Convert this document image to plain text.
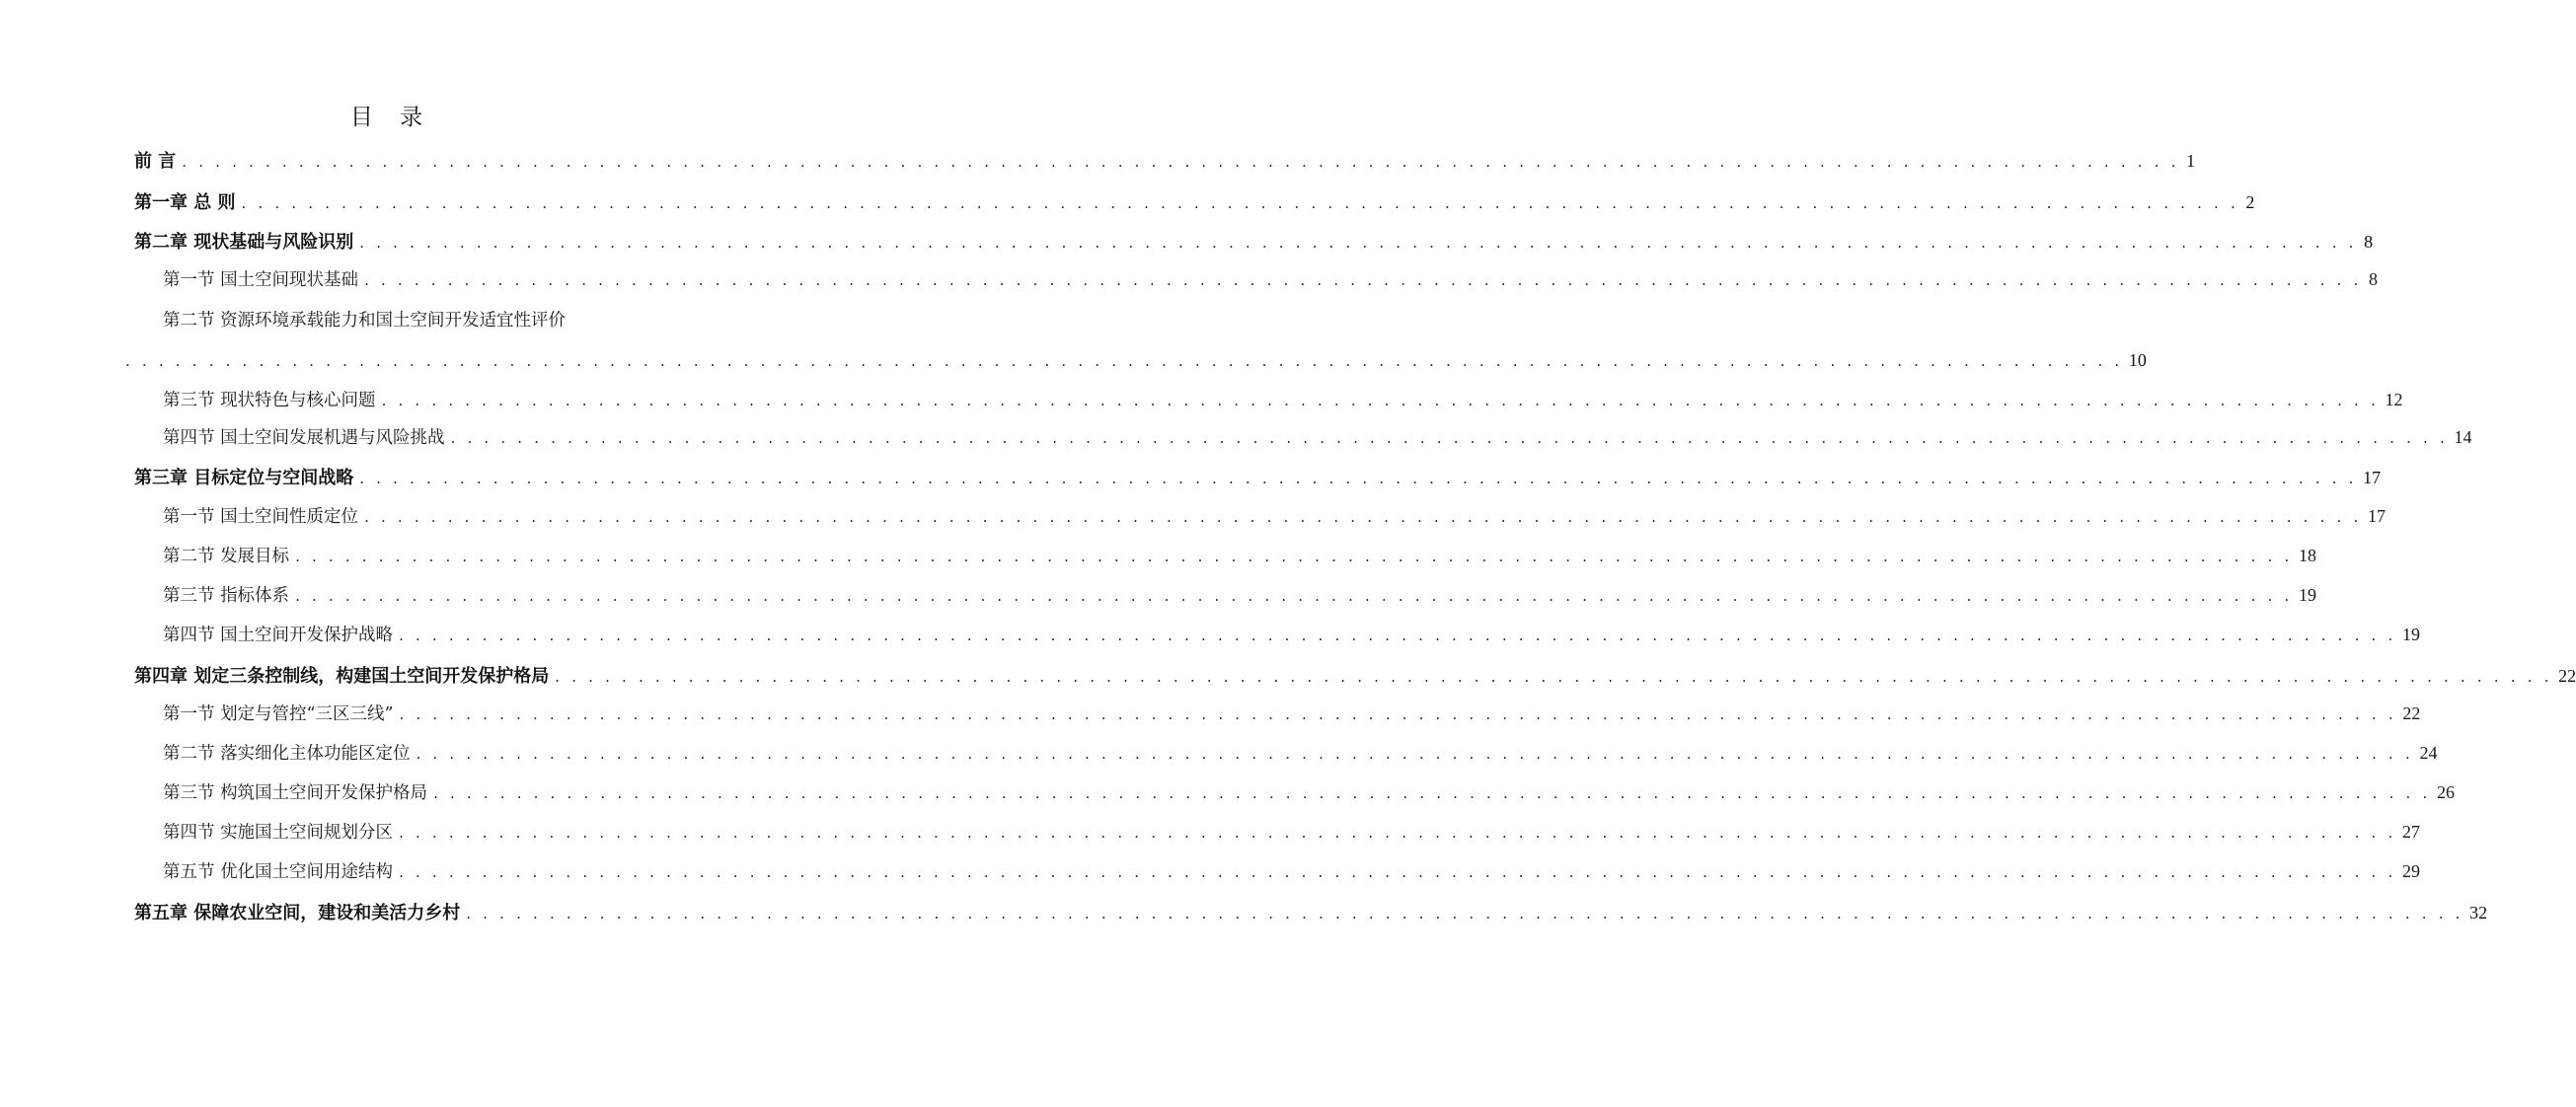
目 录
前 言 . . . . . . . . . . . . . . . . . . . . . . . . . . . . . . . . . . . . . . . . . . . . . . . . . . . . . . . . . . . . . . . . . . . . . . . . . . . . . . . . . . . . . . . . . . . . . . . . . . . . . . . . . . . . . . . . . . . . . . . . 1
第一章 总 则 . . . . . . . . . . . . . . . . . . . . . . . . . . . . . . . . . . . . . . . . . . . . . . . . . . . . . . . . . . . . . . . . . . . . . . . . . . . . . . . . . . . . . . . . . . . . . . . . . . . . . . . . . . . . . . . . . . . . . . . . 2
第二章 现状基础与风险识别 . . . . . . . . . . . . . . . . . . . . . . . . . . . . . . . . . . . . . . . . . . . . . . . . . . . . . . . . . . . . . . . . . . . . . . . . . . . . . . . . . . . . . . . . . . . . . . . . . . . . . . . . . . . . . . . . . . . . . . . . 8
第一节 国土空间现状基础 . . . . . . . . . . . . . . . . . . . . . . . . . . . . . . . . . . . . . . . . . . . . . . . . . . . . . . . . . . . . . . . . . . . . . . . . . . . . . . . . . . . . . . . . . . . . . . . . . . . . . . . . . . . . . . . . . . . . . . . . 8
第二节 资源环境承载能力和国土空间开发适宜性评价
. . . . . . . . . . . . . . . . . . . . . . . . . . . . . . . . . . . . . . . . . . . . . . . . . . . . . . . . . . . . . . . . . . . . . . . . . . . . . . . . . . . . . . . . . . . . . . . . . . . . . . . . . . . . . . . . . . . . . . . . 10
第三节 现状特色与核心问题 . . . . . . . . . . . . . . . . . . . . . . . . . . . . . . . . . . . . . . . . . . . . . . . . . . . . . . . . . . . . . . . . . . . . . . . . . . . . . . . . . . . . . . . . . . . . . . . . . . . . . . . . . . . . . . . . . . . . . . . . 12
第四节 国土空间发展机遇与风险挑战 . . . . . . . . . . . . . . . . . . . . . . . . . . . . . . . . . . . . . . . . . . . . . . . . . . . . . . . . . . . . . . . . . . . . . . . . . . . . . . . . . . . . . . . . . . . . . . . . . . . . . . . . . . . . . . . . . . . . . . . . 14
第三章 目标定位与空间战略 . . . . . . . . . . . . . . . . . . . . . . . . . . . . . . . . . . . . . . . . . . . . . . . . . . . . . . . . . . . . . . . . . . . . . . . . . . . . . . . . . . . . . . . . . . . . . . . . . . . . . . . . . . . . . . . . . . . . . . . . 17
第一节 国土空间性质定位 . . . . . . . . . . . . . . . . . . . . . . . . . . . . . . . . . . . . . . . . . . . . . . . . . . . . . . . . . . . . . . . . . . . . . . . . . . . . . . . . . . . . . . . . . . . . . . . . . . . . . . . . . . . . . . . . . . . . . . . . 17
第二节 发展目标 . . . . . . . . . . . . . . . . . . . . . . . . . . . . . . . . . . . . . . . . . . . . . . . . . . . . . . . . . . . . . . . . . . . . . . . . . . . . . . . . . . . . . . . . . . . . . . . . . . . . . . . . . . . . . . . . . . . . . . . . 18
第三节 指标体系 . . . . . . . . . . . . . . . . . . . . . . . . . . . . . . . . . . . . . . . . . . . . . . . . . . . . . . . . . . . . . . . . . . . . . . . . . . . . . . . . . . . . . . . . . . . . . . . . . . . . . . . . . . . . . . . . . . . . . . . . 19
第四节 国土空间开发保护战略 . . . . . . . . . . . . . . . . . . . . . . . . . . . . . . . . . . . . . . . . . . . . . . . . . . . . . . . . . . . . . . . . . . . . . . . . . . . . . . . . . . . . . . . . . . . . . . . . . . . . . . . . . . . . . . . . . . . . . . . . 19
第四章 划定三条控制线，构建国土空间开发保护格局 . . . . . . . . . . . . . . . . . . . . . . . . . . . . . . . . . . . . . . . . . . . . . . . . . . . . . . . . . . . . . . . . . . . . . . . . . . . . . . . . . . . . . . . . . . . . . . . . . . . . . . . . . . . . . . . . . . . . . . . . 22
第一节 划定与管控“三区三线” . . . . . . . . . . . . . . . . . . . . . . . . . . . . . . . . . . . . . . . . . . . . . . . . . . . . . . . . . . . . . . . . . . . . . . . . . . . . . . . . . . . . . . . . . . . . . . . . . . . . . . . . . . . . . . . . . . . . . . . . 22
第二节 落实细化主体功能区定位 . . . . . . . . . . . . . . . . . . . . . . . . . . . . . . . . . . . . . . . . . . . . . . . . . . . . . . . . . . . . . . . . . . . . . . . . . . . . . . . . . . . . . . . . . . . . . . . . . . . . . . . . . . . . . . . . . . . . . . . . 24
第三节 构筑国土空间开发保护格局 . . . . . . . . . . . . . . . . . . . . . . . . . . . . . . . . . . . . . . . . . . . . . . . . . . . . . . . . . . . . . . . . . . . . . . . . . . . . . . . . . . . . . . . . . . . . . . . . . . . . . . . . . . . . . . . . . . . . . . . . 26
第四节 实施国土空间规划分区 . . . . . . . . . . . . . . . . . . . . . . . . . . . . . . . . . . . . . . . . . . . . . . . . . . . . . . . . . . . . . . . . . . . . . . . . . . . . . . . . . . . . . . . . . . . . . . . . . . . . . . . . . . . . . . . . . . . . . . . . 27
第五节 优化国土空间用途结构 . . . . . . . . . . . . . . . . . . . . . . . . . . . . . . . . . . . . . . . . . . . . . . . . . . . . . . . . . . . . . . . . . . . . . . . . . . . . . . . . . . . . . . . . . . . . . . . . . . . . . . . . . . . . . . . . . . . . . . . . 29
第五章 保障农业空间，建设和美活力乡村 . . . . . . . . . . . . . . . . . . . . . . . . . . . . . . . . . . . . . . . . . . . . . . . . . . . . . . . . . . . . . . . . . . . . . . . . . . . . . . . . . . . . . . . . . . . . . . . . . . . . . . . . . . . . . . . . . . . . . . . . 32
